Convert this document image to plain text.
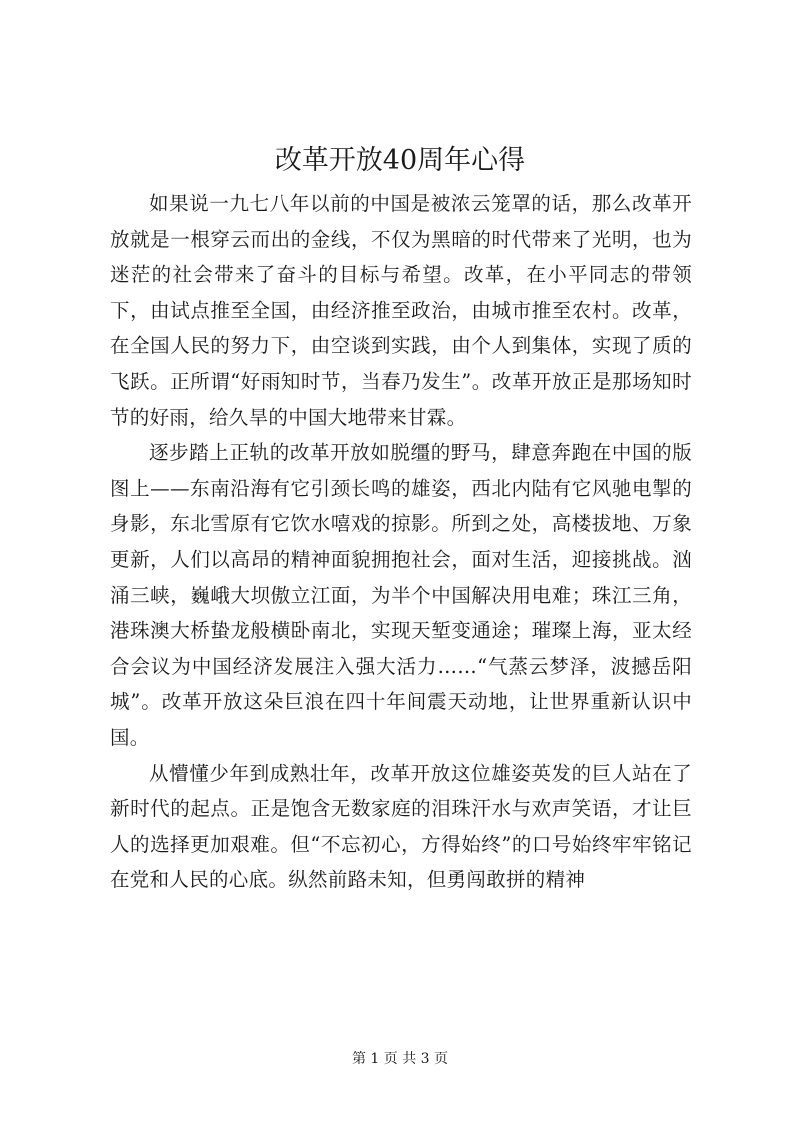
改革开放40周年心得

如果说一九七八年以前的中国是被浓云笼罩的话，那么改革开放就是一根穿云而出的金线，不仅为黑暗的时代带来了光明，也为迷茫的社会带来了奋斗的目标与希望。改革，在小平同志的带领下，由试点推至全国，由经济推至政治，由城市推至农村。改革，在全国人民的努力下，由空谈到实践，由个人到集体，实现了质的飞跃。正所谓“好雨知时节，当春乃发生”。改革开放正是那场知时节的好雨，给久旱的中国大地带来甘霖。

逐步踏上正轨的改革开放如脱缰的野马，肆意奔跑在中国的版图上——东南沿海有它引颈长鸣的雄姿，西北内陆有它风驰电掣的身影，东北雪原有它饮水嘻戏的掠影。所到之处，高楼拔地、万象更新，人们以高昂的精神面貌拥抱社会，面对生活，迎接挑战。汹涌三峡，巍峨大坝傲立江面，为半个中国解决用电难；珠江三角，港珠澳大桥蛰龙般横卧南北，实现天堑变通途；璀璨上海，亚太经合会议为中国经济发展注入强大活力……“气蒸云梦泽，波撼岳阳城”。改革开放这朵巨浪在四十年间震天动地，让世界重新认识中国。

从懵懂少年到成熟壮年，改革开放这位雄姿英发的巨人站在了新时代的起点。正是饱含无数家庭的泪珠汗水与欢声笑语，才让巨人的选择更加艰难。但“不忘初心，方得始终”的口号始终牢牢铭记在党和人民的心底。纵然前路未知，但勇闯敢拼的精神

第 1 页 共 3 页
